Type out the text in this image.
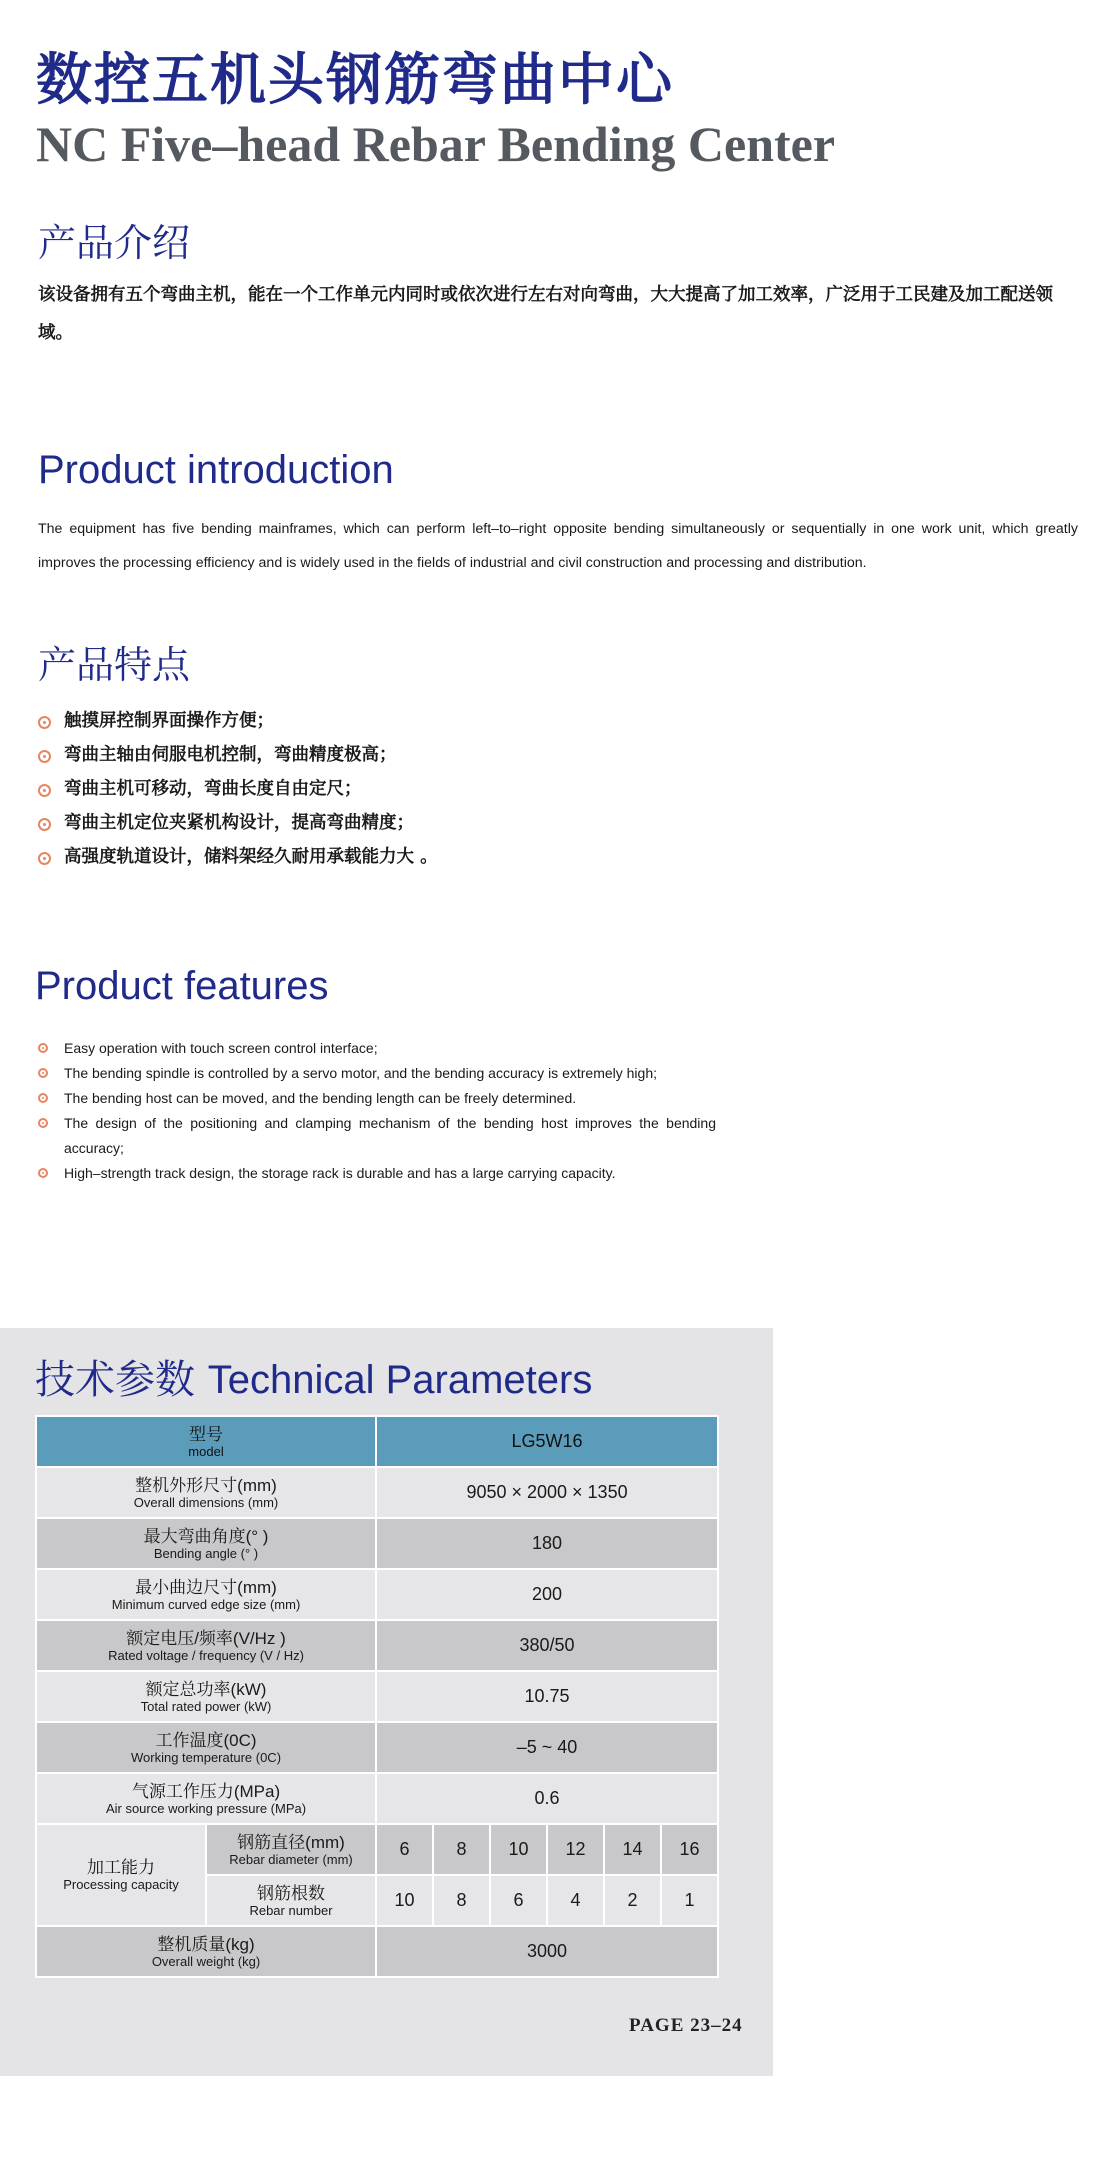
数控五机头钢筋弯曲中心
NC Five–head Rebar Bending Center
产品介绍
该设备拥有五个弯曲主机，能在一个工作单元内同时或依次进行左右对向弯曲，大大提高了加工效率，广泛用于工民建及加工配送领域。
Product introduction
The equipment has five bending mainframes, which can perform left–to–right opposite bending simultaneously or sequentially in one work unit, which greatly improves the processing efficiency and is widely used in the fields of industrial and civil construction and processing and distribution.
产品特点
触摸屏控制界面操作方便；
弯曲主轴由伺服电机控制，弯曲精度极高；
弯曲主机可移动，弯曲长度自由定尺；
弯曲主机定位夹紧机构设计，提高弯曲精度；
高强度轨道设计，储料架经久耐用承载能力大 。
Product features
Easy operation with touch screen control interface;
The bending spindle is controlled by a servo motor, and the bending accuracy is extremely high;
The bending host can be moved, and the bending length can be freely determined.
The design of the positioning and clamping mechanism of the bending host improves the bending accuracy;
High–strength track design, the storage rack is durable and has a large carrying capacity.
技术参数 Technical Parameters
型号
model		LG5W16					

整机外形尺寸(mm)
Overall dimensions (mm)		9050 × 2000 × 1350					

最大弯曲角度(° )
Bending angle (° )		180					

最小曲边尺寸(mm)
Minimum curved edge size (mm)		200					

额定电压/频率(V/Hz )
Rated voltage / frequency (V / Hz)		380/50					

额定总功率(kW)
Total rated power (kW)		10.75					

工作温度(0C)
Working temperature (0C)		–5 ~ 40					

气源工作压力(MPa)
Air source working pressure (MPa)		0.6					

加工能力
Processing capacity	钢筋直径(mm)
Rebar diameter (mm)	6	8	10	12	14	16

	钢筋根数
Rebar number	10	8	6	4	2	1

整机质量(kg)
Overall weight (kg)		3000					
PAGE 23–24
